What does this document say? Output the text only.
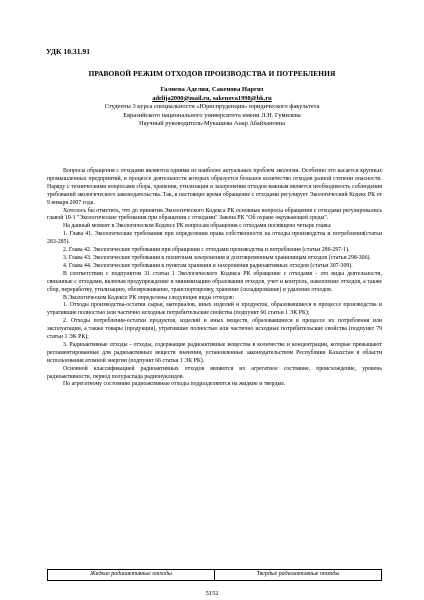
УДК 10.31.91
ПРАВОВОЙ РЕЖИМ ОТХОДОВ ПРОИЗВОДСТВА И ПОТРЕБЛЕНИЯ
Галиева Аделия, Сакенова Наргиз
adelija2000@mail.ru, sakenova1998@bk.ru
Студенты 3 курса специальности «Юриспруденция» юридического факультета
Евразийского национального университета имени Л.Н. Гумилева
Научный руководитель-Мукашева Анар Абайхановна

Вопросы обращения с отходами являются одними из наиболее актуальных проблем экологии. Особенно это касается крупных промышленных предприятий, в процессе деятельности которых образуется большое количество отходов разной степени опасности. Наряду с техническими вопросами сбора, хранения, утилизации и захоронения отходов важным является необходимость соблюдения требований экологического законодательства. Так, в настоящее время обращение с отходами регулирует Экологический Кодекс РК от 9 января 2007 года.

Хотелось бы отметить, что до принятия Экологического Кодекса РК основные вопросы обращения с отходами регулировались главой 10-1 "Экологические требования при обращении с отходами" Закона РК "Об охране окружающей среды".

На данный момент в Экологическом Кодексе РК вопросам обращения с отходами посвящено четыре главы:

1. Глава 41. Экологические требования при определении права собственности на отходы производства и потребления(статьи 283-285).

2. Глава 42. Экологические требования при обращении с отходами производства и потребления (статьи 286-297-1).

3. Глава 43. Экологические требования к полигонам захоронения и долговременным хранилищам отходов (статьи 298-306).

4. Глава 44. Экологические требования к пунктам хранения и захоронения радиоактивных отходов (статьи 307-309).

В соответствии с подпунктом 31 статьи 1 Экологического Кодекса РК обращение с отходами - это виды деятельности, связанные с отходами, включая предупреждение и минимизацию образования отходов, учет и контроль, накопление отходов, а также сбор, переработку, утилизацию, обезвреживание, транспортировку, хранение (складирование) и удаление отходов.

В Экологическом Кодексе РК определены следующие виды отходов:

1. Отходы производства-остатки сырья, материалов, иных изделий и продуктов, образовавшиеся в процессе производства и утратившие полностью или частично исходные потребительские свойства (подпункт 60 статьи 1 ЭК РК);

2. Отходы потребления-остатки продуктов, изделий и иных веществ, образовавшиеся в процессе их потребления или эксплуатации, а также товары (продукция), утратившие полностью или частично исходные потребительские свойства (подпункт 79 статьи 1 ЭК РК);

3. Радиоактивные отходы - отходы, содержащие радиоактивные вещества в количестве и концентрации, которые превышают регламентированные для радиоактивных веществ значения, установленные законодательством Республики Казахстан в области использования атомной энергии (подпункт 66 статьи 1 ЭК РК).

Основной классификацией радиоактивных отходов являются их агрегатное состояние, происхождение, уровень радиоактивности, период полураспада радионуклидов.

По агрегатному состоянию радиоактивные отходы подразделяются на жидкие и твердые.

Жидкие радиоактивные отходы	Твердые радиоактивные отходы
5152
